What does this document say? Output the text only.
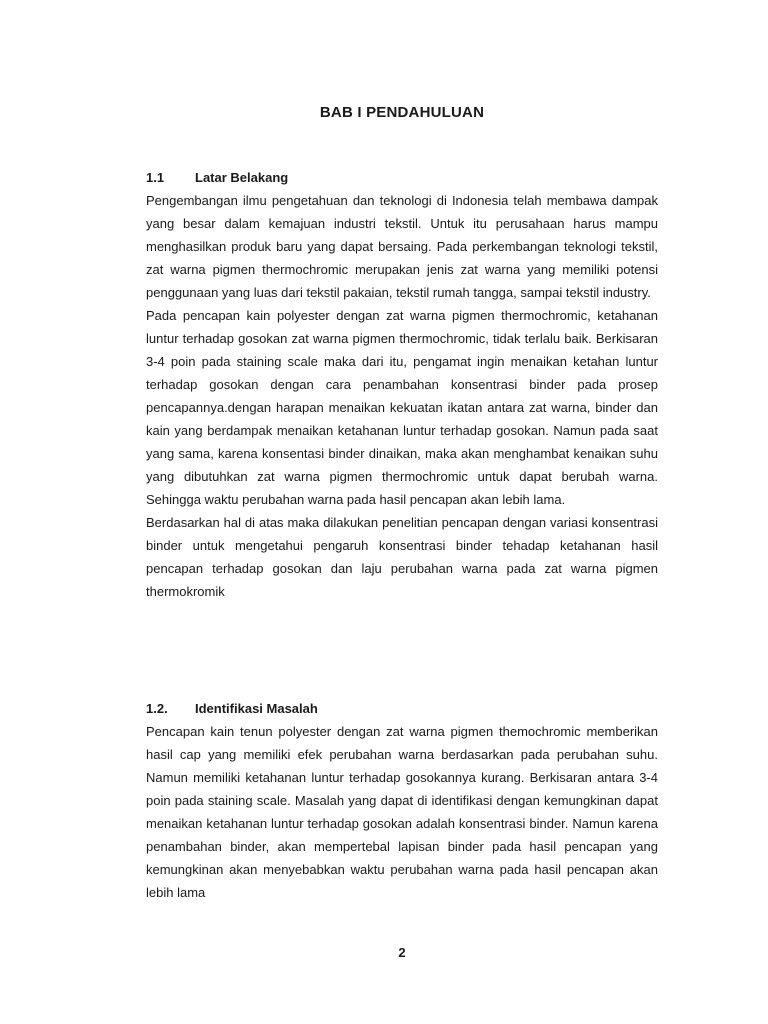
BAB I PENDAHULUAN
1.1 Latar Belakang

Pengembangan ilmu pengetahuan dan teknologi di Indonesia telah membawa dampak yang besar dalam kemajuan industri tekstil. Untuk itu perusahaan harus mampu menghasilkan produk baru yang dapat bersaing. Pada perkembangan teknologi tekstil, zat warna pigmen thermochromic merupakan jenis zat warna yang memiliki potensi penggunaan yang luas dari tekstil pakaian, tekstil rumah tangga, sampai tekstil industry.

Pada pencapan kain polyester dengan zat warna pigmen thermochromic, ketahanan luntur terhadap gosokan zat warna pigmen thermochromic, tidak terlalu baik. Berkisaran 3-4 poin pada staining scale maka dari itu, pengamat ingin menaikan ketahan luntur terhadap gosokan dengan cara penambahan konsentrasi binder pada prosep pencapannya.dengan harapan menaikan kekuatan ikatan antara zat warna, binder dan kain yang berdampak menaikan ketahanan luntur terhadap gosokan. Namun pada saat yang sama, karena konsentasi binder dinaikan, maka akan menghambat kenaikan suhu yang dibutuhkan zat warna pigmen thermochromic untuk dapat berubah warna. Sehingga waktu perubahan warna pada hasil pencapan akan lebih lama.

Berdasarkan hal di atas maka dilakukan penelitian pencapan dengan variasi konsentrasi binder untuk mengetahui pengaruh konsentrasi binder tehadap ketahanan hasil pencapan terhadap gosokan dan laju perubahan warna pada zat warna pigmen thermokromik

1.2. Identifikasi Masalah

Pencapan kain tenun polyester dengan zat warna pigmen themochromic memberikan hasil cap yang memiliki efek perubahan warna berdasarkan pada perubahan suhu. Namun memiliki ketahanan luntur terhadap gosokannya kurang. Berkisaran antara 3-4 poin pada staining scale. Masalah yang dapat di identifikasi dengan kemungkinan dapat menaikan ketahanan luntur terhadap gosokan adalah konsentrasi binder. Namun karena penambahan binder, akan mempertebal lapisan binder pada hasil pencapan yang kemungkinan akan menyebabkan waktu perubahan warna pada hasil pencapan akan lebih lama

2
